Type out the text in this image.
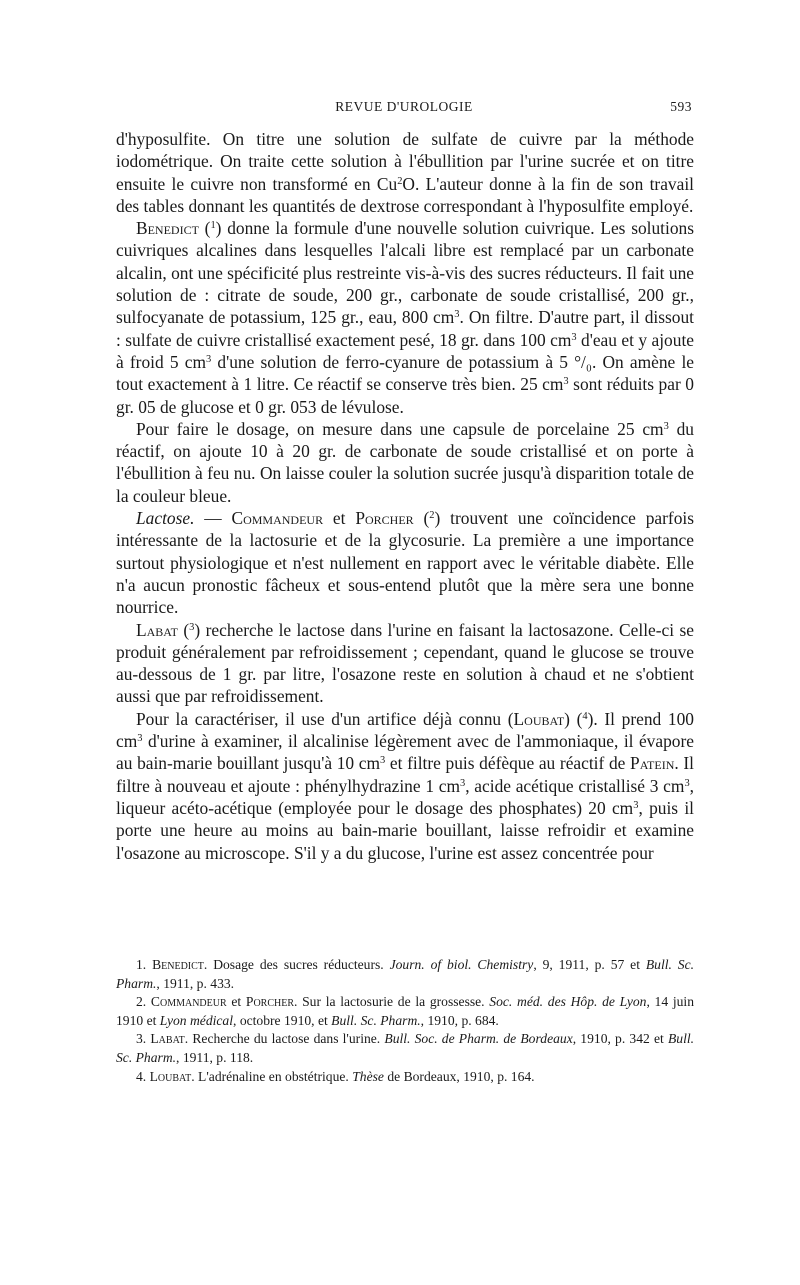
REVUE D'UROLOGIE	593

d'hyposulfite. On titre une solution de sulfate de cuivre par la méthode iodométrique. On traite cette solution à l'ébullition par l'urine sucrée et on titre ensuite le cuivre non transformé en Cu$^2$O. L'auteur donne à la fin de son travail des tables donnant les quantités de dextrose correspondant à l'hyposulfite employé.

Benedict ($^1$) donne la formule d'une nouvelle solution cuivrique. Les solutions cuivriques alcalines dans lesquelles l'alcali libre est remplacé par un carbonate alcalin, ont une spécificité plus restreinte vis-à-vis des sucres réducteurs. Il fait une solution de : citrate de soude, 200 gr., carbonate de soude cristallisé, 200 gr., sulfocyanate de potassium, 125 gr., eau, 800 $cm^3$. On filtre. D'autre part, il dissout : sulfate de cuivre cristallisé exactement pesé, 18 gr. dans 100 $cm^3$ d'eau et y ajoute à froid 5 $cm^3$ d'une solution de ferro-cyanure de potassium à 5 °/₀. On amène le tout exactement à 1 litre. Ce réactif se conserve très bien. 25 $cm^3$ sont réduits par 0 gr. 05 de glucose et 0 gr. 053 de lévulose.

Pour faire le dosage, on mesure dans une capsule de porcelaine 25 $cm^3$ du réactif, on ajoute 10 à 20 gr. de carbonate de soude cristallisé et on porte à l'ébullition à feu nu. On laisse couler la solution sucrée jusqu'à disparition totale de la couleur bleue.

Lactose. — Commandeur et Porcher ($^2$) trouvent une coïncidence parfois intéressante de la lactosurie et de la glycosurie. La première a une importance surtout physiologique et n'est nullement en rapport avec le véritable diabète. Elle n'a aucun pronostic fâcheux et sous-entend plutôt que la mère sera une bonne nourrice.

Labat ($^3$) recherche le lactose dans l'urine en faisant la lactosazone. Celle-ci se produit généralement par refroidissement ; cependant, quand le glucose se trouve au-dessous de 1 gr. par litre, l'osazone reste en solution à chaud et ne s'obtient aussi que par refroidissement.

Pour la caractériser, il use d'un artifice déjà connu (Loubat) ($^4$). Il prend 100 $cm^3$ d'urine à examiner, il alcalinise légèrement avec de l'ammoniaque, il évapore au bain-marie bouillant jusqu'à 10 $cm^3$ et filtre puis défèque au réactif de Patein. Il filtre à nouveau et ajoute : phénylhydrazine 1 $cm^3$, acide acétique cristallisé 3 $cm^3$, liqueur acéto-acétique (employée pour le dosage des phosphates) 20 $cm^3$, puis il porte une heure au moins au bain-marie bouillant, laisse refroidir et examine l'osazone au microscope. S'il y a du glucose, l'urine est assez concentrée pour

1. Benedict. Dosage des sucres réducteurs. Journ. of biol. Chemistry, 9, 1911, p. 57 et Bull. Sc. Pharm., 1911, p. 433.

2. Commandeur et Porcher. Sur la lactosurie de la grossesse. Soc. méd. des Hôp. de Lyon, 14 juin 1910 et Lyon médical, octobre 1910, et Bull. Sc. Pharm., 1910, p. 684.

3. Labat. Recherche du lactose dans l'urine. Bull. Soc. de Pharm. de Bordeaux, 1910, p. 342 et Bull. Sc. Pharm., 1911, p. 118.

4. Loubat. L'adrénaline en obstétrique. Thèse de Bordeaux, 1910, p. 164.
